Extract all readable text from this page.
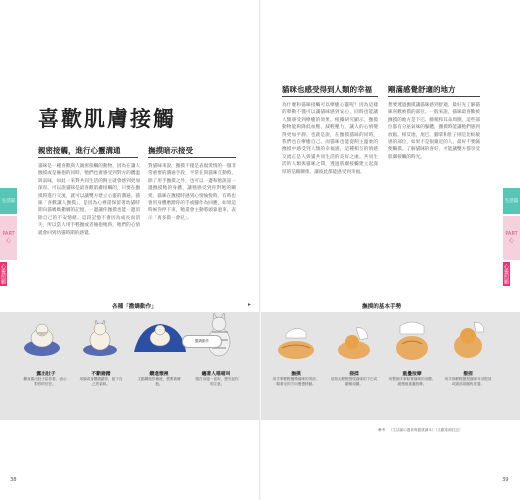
喜歡肌膚接觸
親密接觸，進行心靈溝通

貓咪是一種喜歡與人親密接觸的動物，因為在讓人撫摸或是擁抱的同時，牠們也會感受到對方的體溫與氣味，如此一來對共同生活的飼主就會感到更加深厚。可以說貓咪是最喜歡肌膚接觸的，只要在撫摸時進行交流，就可以讓雙方建立心靈的溝通。貓咪「喜歡讓人撫摸」，是因為心裡還保留著幼貓時期向貓媽媽撒嬌的記憶，一邊讓你撫摸也能一邊消除自己的不安情緒。這段記憶不會因為成長而消失，所以當人用手輕撫或者擁抱牠時，牠們的心情就會回到幼貓時期的感覺。

撫摸暗示接受

對貓咪來說，撫摸不僅是表現愛情的一個非常重要的溝通手段，平常在與貓咪互動時，除了用手撫摸之外，也可以一邊和牠說話一邊撫摸牠的身體，讓牠感受到你對牠的關愛。貓咪在撫摸時感到心情愉悅時，有時也會用身體磨蹭你的手或腳作為回應，如果這時候你停下來，牠還會主動將頭靠過來，表示「再多摸一會兒」。

各種「撒嬌動作」
撒嬌動作
露出肚子
翻身露出肚子給你看，表示對你的信任。
不斷磨蹭
用頭或身體磨蹭你，留下自己的氣味。
鑽進懷裡
主動鑽進你懷裡，想要被擁抱。
纏著人喵喵叫
跟在身邊一直叫，想引起你的注意。
38
生活篇
PART
心
心靈照顧
貓咪也感受得到人類的幸福

為什麼和貓咪接觸可以療癒心靈呢？因為這樣的舉動不僅可以讓貓咪感到安心，同時也能讓人類感受到療癒的效果。根據研究顯示，撫摸動物能夠降低血壓、減輕壓力，讓人的心情變得更加平靜。也就是說，在撫摸貓咪的同時，我們也在療癒自己。而貓咪也能從飼主溫柔的撫摸中感受到人類的幸福感，這種相互的情感交流正是人與貓共同生活的美好之處。共同生活的人類與貓咪之間，透過肌膚接觸建立起深厚的信賴關係，讓彼此都能感受到幸福。

剛滿感覺舒適的地方

想要透過撫摸讓貓咪感到舒適，最好先了解貓咪喜歡被摸的部位。一般來說，貓咪最喜歡被撫摸的地方是下巴、臉頰和耳朵周圍，這些部位都有分泌氣味的腺體，撫摸時能讓牠們感到放鬆。相反地，尾巴、腳掌和肚子則是比較敏感的部位，如果不是很親近的人，最好不要隨便觸摸。了解貓咪的喜好，才能讓雙方都享受肌膚接觸的時光。

撫摸的基本手勢
▸
撫摸
用手掌輕輕撫摸貓咪的背部，順著毛的方向慢慢移動。
搓揉
用指尖輕輕搓揉貓咪的下巴或臉頰周圍。
重疊按摩
用整個手掌貼著貓咪的身體，緩慢地重疊按摩。
撥捏
用手指輕輕撥捏貓咪耳朵根部或頸部周圍的皮膚。
參考：《生活貓の養育與健康讀本》（文獻來源註記）
39
生活篇
PART
心
心靈照顧
